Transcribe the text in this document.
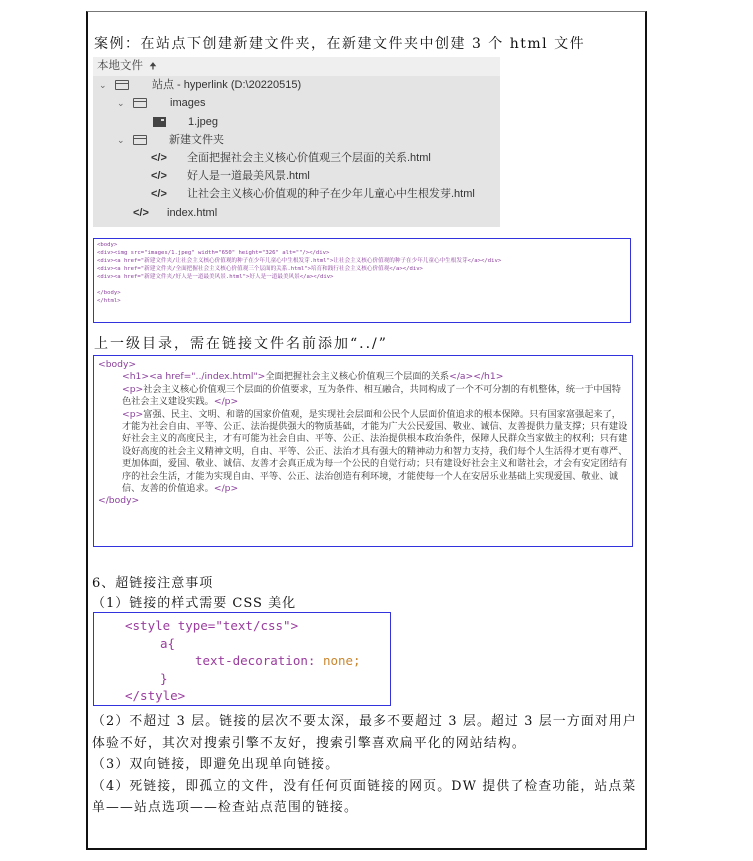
案例：在站点下创建新建文件夹，在新建文件夹中创建 3 个 html 文件
本地文件 🠉
⌄	站点 - hyperlink (D:\20220515)
⌄	images
1.jpeg
⌄	新建文件夹
</>	全面把握社会主义核心价值观三个层面的关系.html
</>	好人是一道最美风景.html
</>	让社会主义核心价值观的种子在少年儿童心中生根发芽.html
</>	index.html
<body>
<div><img src="images/1.jpeg" width="650" height="326" alt=""/></div>
<div><a href="新建文件夹/让社会主义核心价值观的种子在少年儿童心中生根发芽.html">让社会主义核心价值观的种子在少年儿童心中生根发芽</a></div>
<div><a href="新建文件夹/全面把握社会主义核心价值观三个层面的关系.html">培育和践行社会主义核心价值观</a></div>
<div><a href="新建文件夹/好人是一道最美风景.html">好人是一道最美风景</a></div>
</body>
</html>
上一级目录，需在链接文件名前添加“../”
<body>
<h1><a href="../index.html">全面把握社会主义核心价值观三个层面的关系</a></h1>
<p>社会主义核心价值观三个层面的价值要求，互为条件、相互融合，共同构成了一个不可分割的有机整体，统一于中国特色社会主义建设实践。</p>
<p>富强、民主、文明、和谐的国家价值观，是实现社会层面和公民个人层面价值追求的根本保障。只有国家富强起来了，才能为社会自由、平等、公正、法治提供强大的物质基础，才能为广大公民爱国、敬业、诚信、友善提供力量支撑；只有建设好社会主义的高度民主，才有可能为社会自由、平等、公正、法治提供根本政治条件，保障人民群众当家做主的权利；只有建设好高度的社会主义精神文明，自由、平等、公正、法治才具有强大的精神动力和智力支持，我们每个人生活得才更有尊严、更加体面，爱国、敬业、诚信、友善才会真正成为每一个公民的自觉行动；只有建设好社会主义和谐社会，才会有安定团结有序的社会生活，才能为实现自由、平等、公正、法治创造有利环境，才能使每一个人在安居乐业基础上实现爱国、敬业、诚信、友善的价值追求。</p>
</body>
6、超链接注意事项
（1）链接的样式需要 CSS 美化
<style type="text/css">
a{
text-decoration: none;
}
</style>

（2）不超过 3 层。链接的层次不要太深，最多不要超过 3 层。超过 3 层一方面对用户体验不好，其次对搜索引擎不友好，搜索引擎喜欢扁平化的网站结构。

（3）双向链接，即避免出现单向链接。

（4）死链接，即孤立的文件，没有任何页面链接的网页。DW 提供了检查功能，站点菜单——站点选项——检查站点范围的链接。
